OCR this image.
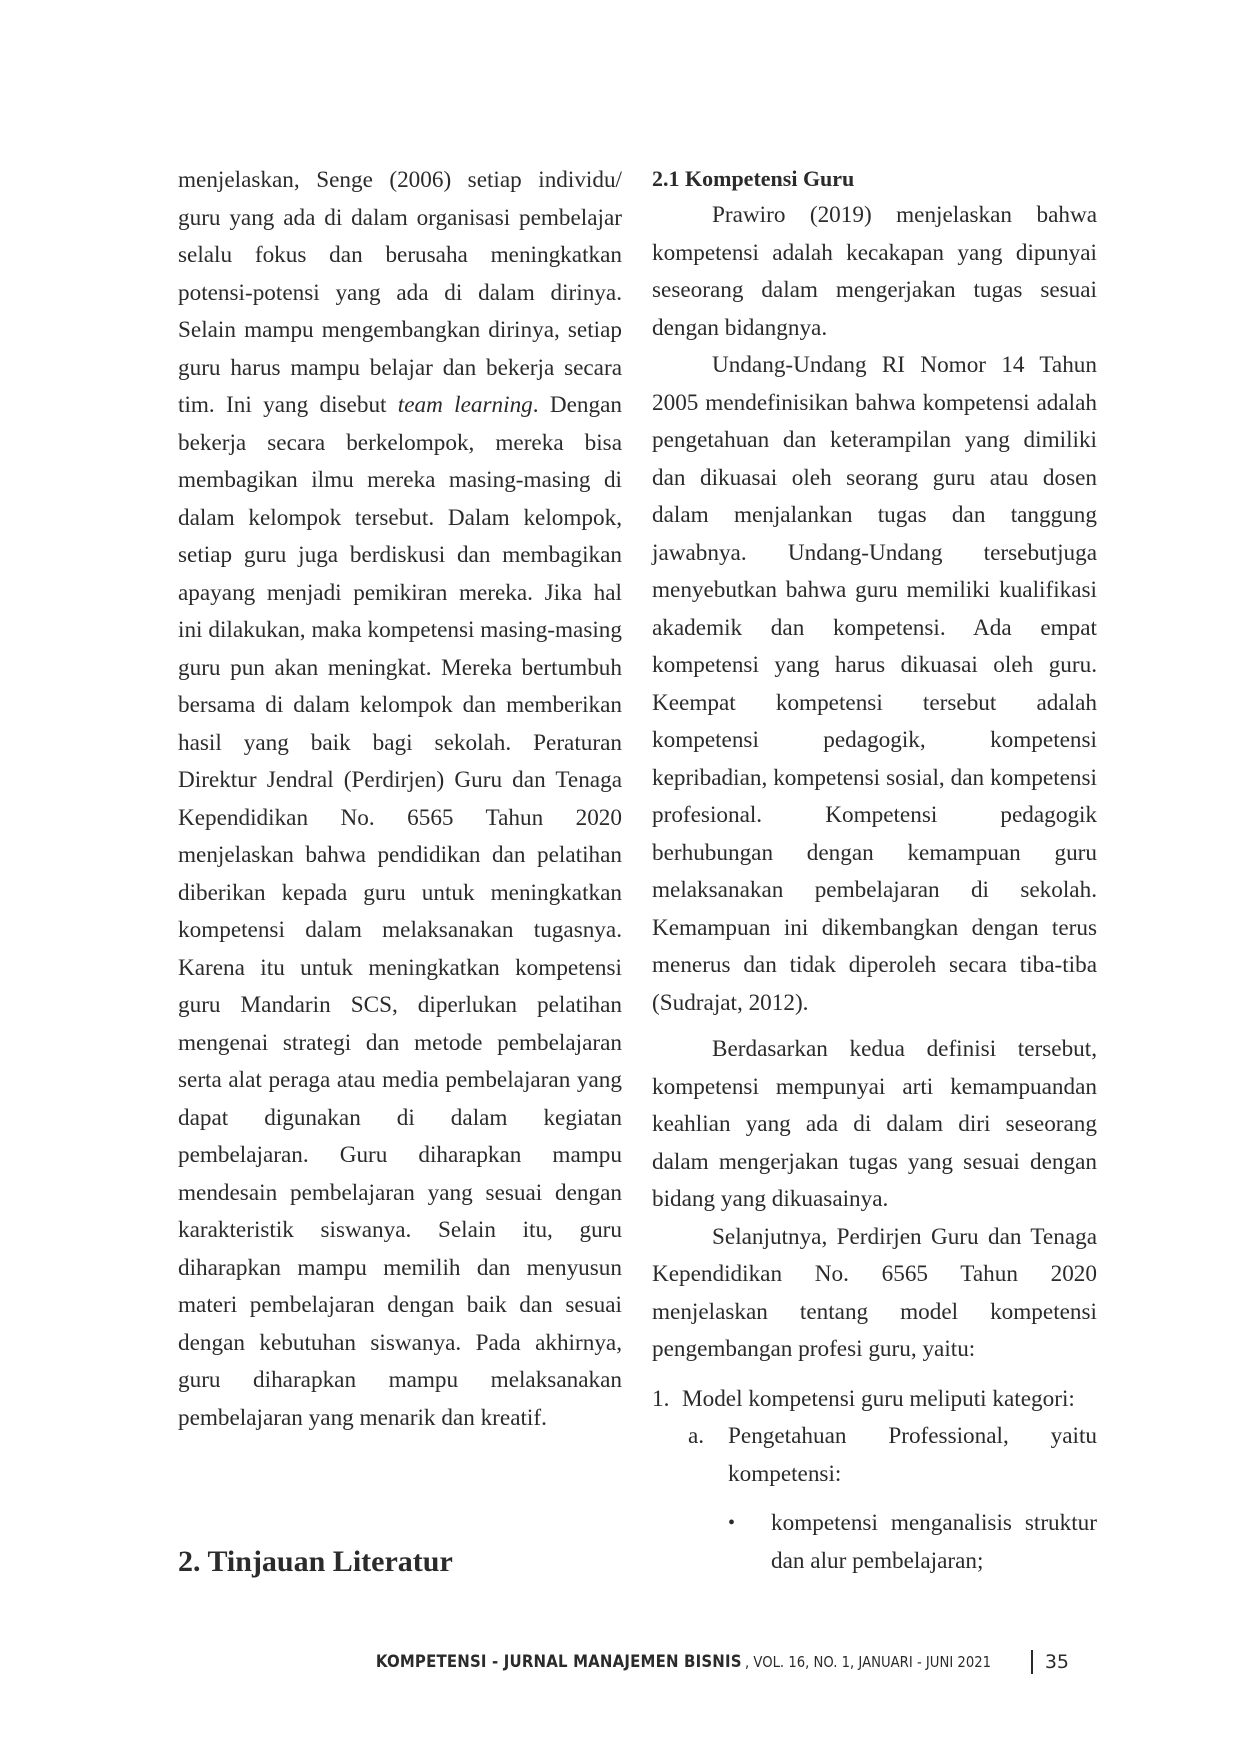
menjelaskan, Senge (2006) setiap individu/ guru yang ada di dalam organisasi pembelajar selalu fokus dan berusaha meningkatkan potensi-potensi yang ada di dalam dirinya. Selain mampu mengembangkan dirinya, setiap guru harus mampu belajar dan bekerja secara tim. Ini yang disebut team learning. Dengan bekerja secara berkelompok, mereka bisa membagikan ilmu mereka masing-masing di dalam kelompok tersebut. Dalam kelompok, setiap guru juga berdiskusi dan membagikan apayang menjadi pemikiran mereka. Jika hal ini dilakukan, maka kompetensi masing-masing guru pun akan meningkat. Mereka bertumbuh bersama di dalam kelompok dan memberikan hasil yang baik bagi sekolah. Peraturan Direktur Jendral (Perdirjen) Guru dan Tenaga Kependidikan No. 6565 Tahun 2020 menjelaskan bahwa pendidikan dan pelatihan diberikan kepada guru untuk meningkatkan kompetensi dalam melaksanakan tugasnya. Karena itu untuk meningkatkan kompetensi guru Mandarin SCS, diperlukan pelatihan mengenai strategi dan metode pembelajaran serta alat peraga atau media pembelajaran yang dapat digunakan di dalam kegiatan pembelajaran. Guru diharapkan mampu mendesain pembelajaran yang sesuai dengan karakteristik siswanya. Selain itu, guru diharapkan mampu memilih dan menyusun materi pembelajaran dengan baik dan sesuai dengan kebutuhan siswanya. Pada akhirnya, guru diharapkan mampu melaksanakan pembelajaran yang menarik dan kreatif.

2. Tinjauan Literatur
2.1 Kompetensi Guru

Prawiro (2019) menjelaskan bahwa kompetensi adalah kecakapan yang dipunyai seseorang dalam mengerjakan tugas sesuai dengan bidangnya.

Undang-Undang RI Nomor 14 Tahun 2005 mendefinisikan bahwa kompetensi adalah pengetahuan dan keterampilan yang dimiliki dan dikuasai oleh seorang guru atau dosen dalam menjalankan tugas dan tanggung jawabnya. Undang-Undang tersebutjuga menyebutkan bahwa guru memiliki kualifikasi akademik dan kompetensi. Ada empat kompetensi yang harus dikuasai oleh guru. Keempat kompetensi tersebut adalah kompetensi pedagogik, kompetensi kepribadian, kompetensi sosial, dan kompetensi profesional. Kompetensi pedagogik berhubungan dengan kemampuan guru melaksanakan pembelajaran di sekolah. Kemampuan ini dikembangkan dengan terus menerus dan tidak diperoleh secara tiba-tiba (Sudrajat, 2012).

Berdasarkan kedua definisi tersebut, kompetensi mempunyai arti kemampuandan keahlian yang ada di dalam diri seseorang dalam mengerjakan tugas yang sesuai dengan bidang yang dikuasainya.

Selanjutnya, Perdirjen Guru dan Tenaga Kependidikan No. 6565 Tahun 2020 menjelaskan tentang model kompetensi pengembangan profesi guru, yaitu:

1. Model kompetensi guru meliputi kategori:
a.	Pengetahuan Professional, yaitu kompetensi:
•	kompetensi menganalisis struktur dan alur pembelajaran;
KOMPETENSI - JURNAL MANAJEMEN BISNIS , VOL. 16, NO. 1, JANUARI - JUNI 2021	35
